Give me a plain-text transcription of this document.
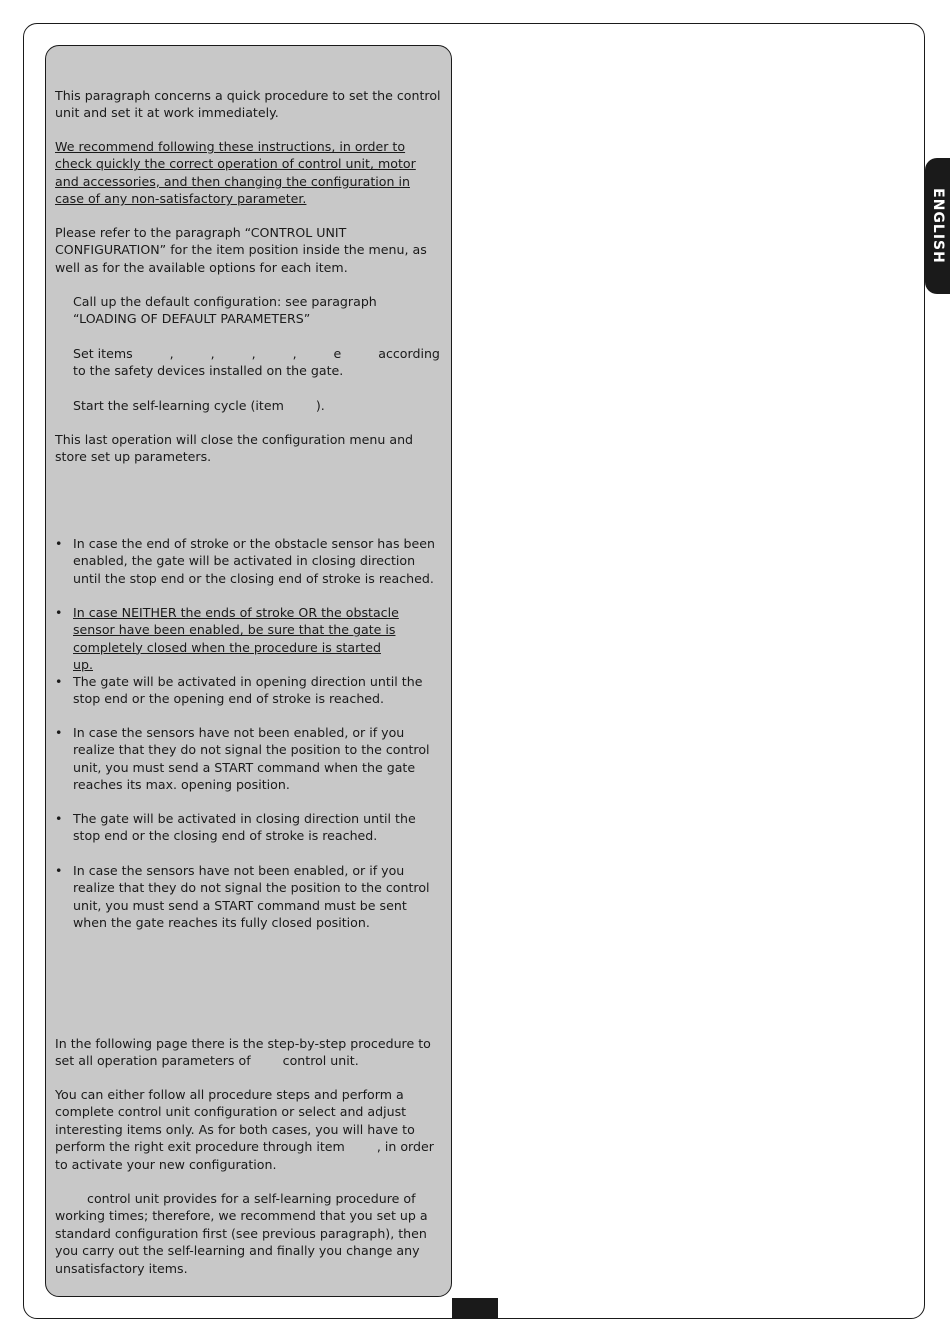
ENGLISH

This paragraph concerns a quick procedure to set the control unit and set it at work immediately.

We recommend following these instructions, in order to check quickly the correct operation of control unit, motor and accessories, and then changing the configuration in case of any non-satisfactory parameter.

Please refer to the paragraph “CONTROL UNIT CONFIGURATION” for the item position inside the menu, as well as for the available options for each item.

Call up the default configuration: see paragraph “LOADING OF DEFAULT PARAMETERS”

Set items	,	,	,	,	e	according

to the safety devices installed on the gate.

Start the self-learning cycle (item        ).

This last operation will close the configuration menu and store set up parameters.

• In case the end of stroke or the obstacle sensor has been enabled, the gate will be activated in closing direction until the stop end or the closing end of stroke is reached.

• In case NEITHER the ends of stroke OR the obstacle sensor have been enabled, be sure that the gate is completely closed when the procedure is started up.

• The gate will be activated in opening direction until the stop end or the opening end of stroke is reached.

• In case the sensors have not been enabled, or if you realize that they do not signal the position to the control unit, you must send a START command when the gate reaches its max. opening position.

• The gate will be activated in closing direction until the stop end or the closing end of stroke is reached.

• In case the sensors have not been enabled, or if you realize that they do not signal the position to the control unit, you must send a START command must be sent when the gate reaches its fully closed position.

In the following page there is the step-by-step procedure to set all operation parameters of        control unit.

You can either follow all procedure steps and perform a complete control unit configuration or select and adjust interesting items only. As for both cases, you will have to perform the right exit procedure through item        , in order to activate your new configuration.

control unit provides for a self-learning procedure of working times; therefore, we recommend that you set up a standard configuration first (see previous paragraph), then you carry out the self-learning and finally you change any unsatisfactory items.
